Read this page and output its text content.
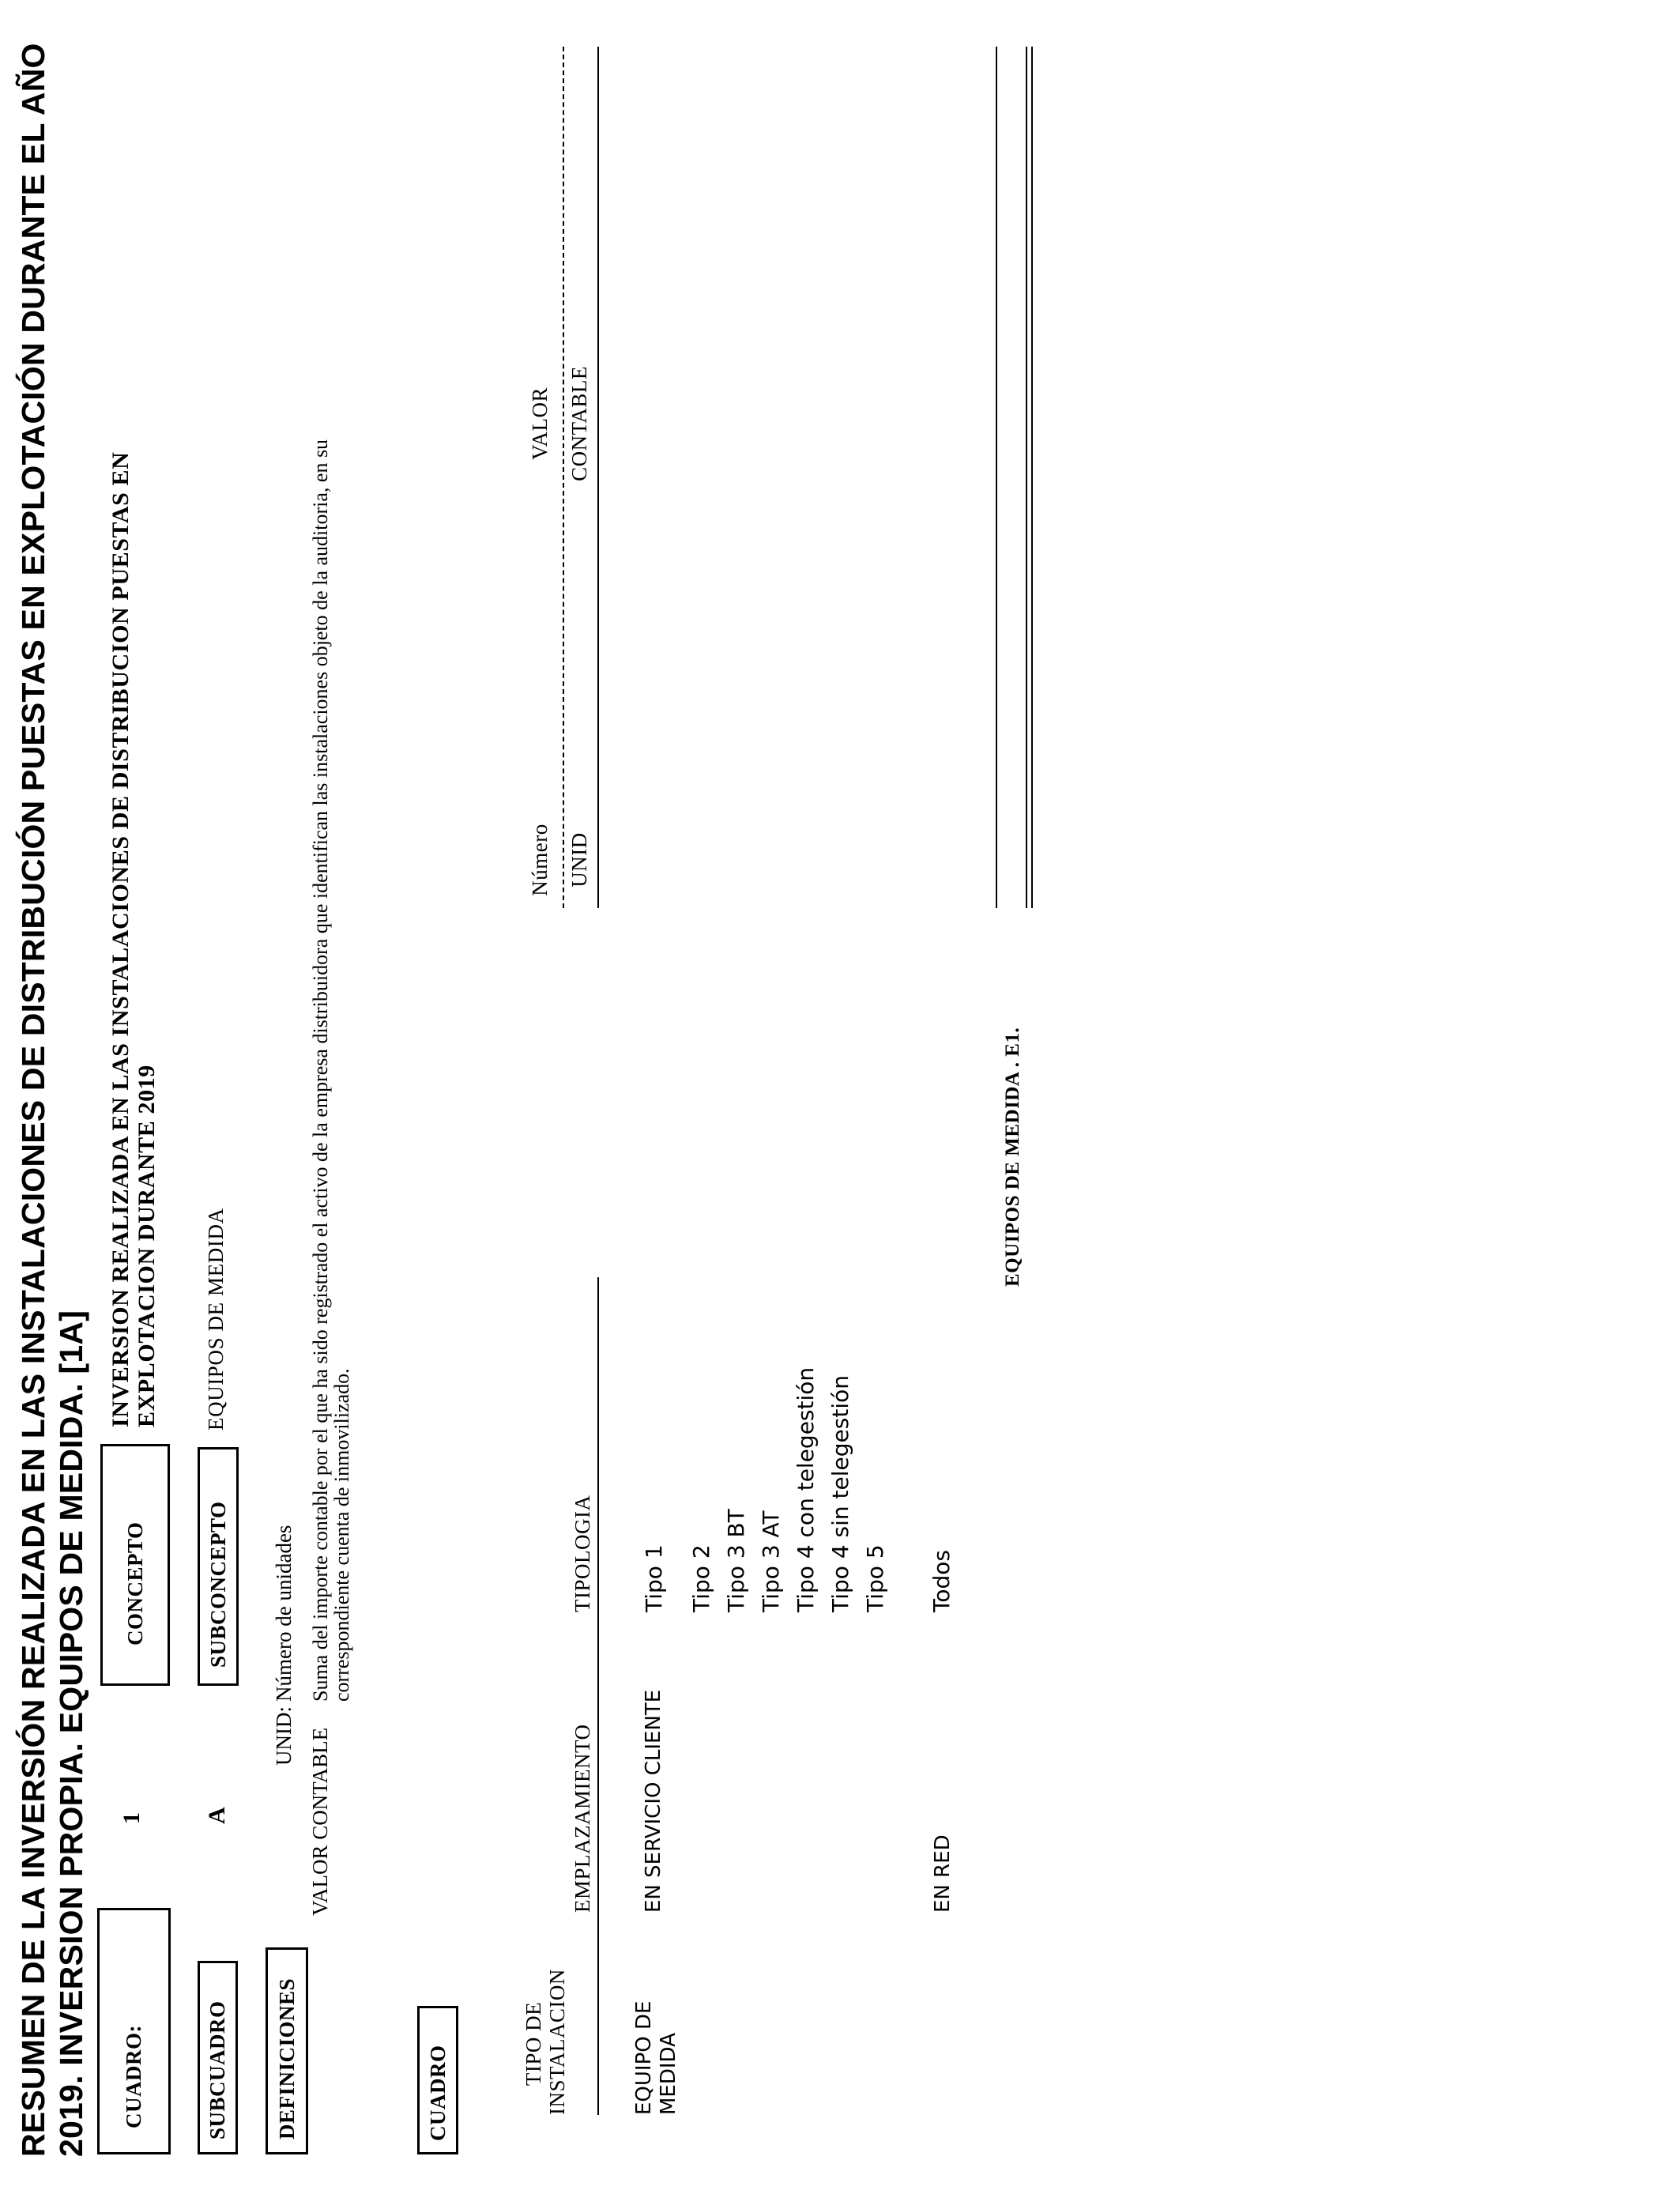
RESUMEN DE LA INVERSIÓN REALIZADA EN LAS INSTALACIONES DE DISTRIBUCIÓN PUESTAS EN EXPLOTACIÓN DURANTE EL AÑO 2019. INVERSION PROPIA. EQUIPOS DE MEDIDA. [1A] CUADRO:
1
CONCEPTO
INVERSION REALIZADA EN LAS INSTALACIONES DE DISTRIBUCION PUESTAS EN EXPLOTACION DURANTE 2019
SUBCUADRO
A
SUBCONCEPTO
EQUIPOS DE MEDIDA
DEFINICIONES
UNID:
Número de unidades
VALOR CONTABLE
Suma del importe contable por el que ha sido registrado el activo de la empresa distribuidora que identifican las instalaciones objeto de la auditoria, en su
correspondiente cuenta de inmovilizado.
CUADRO
TIPO DE INSTALACION
EMPLAZAMIENTO
TIPOLOGIA
Número UNID
VALOR CONTABLE
EQUIPO DE MEDIDA
EN SERVICIO CLIENTE
Tipo 1 Tipo 2 Tipo 3 BT Tipo 3 AT Tipo 4 con telegestión Tipo 4 sin telegestión Tipo 5
EN RED
Todos
EQUIPOS DE MEDIDA . E1.
